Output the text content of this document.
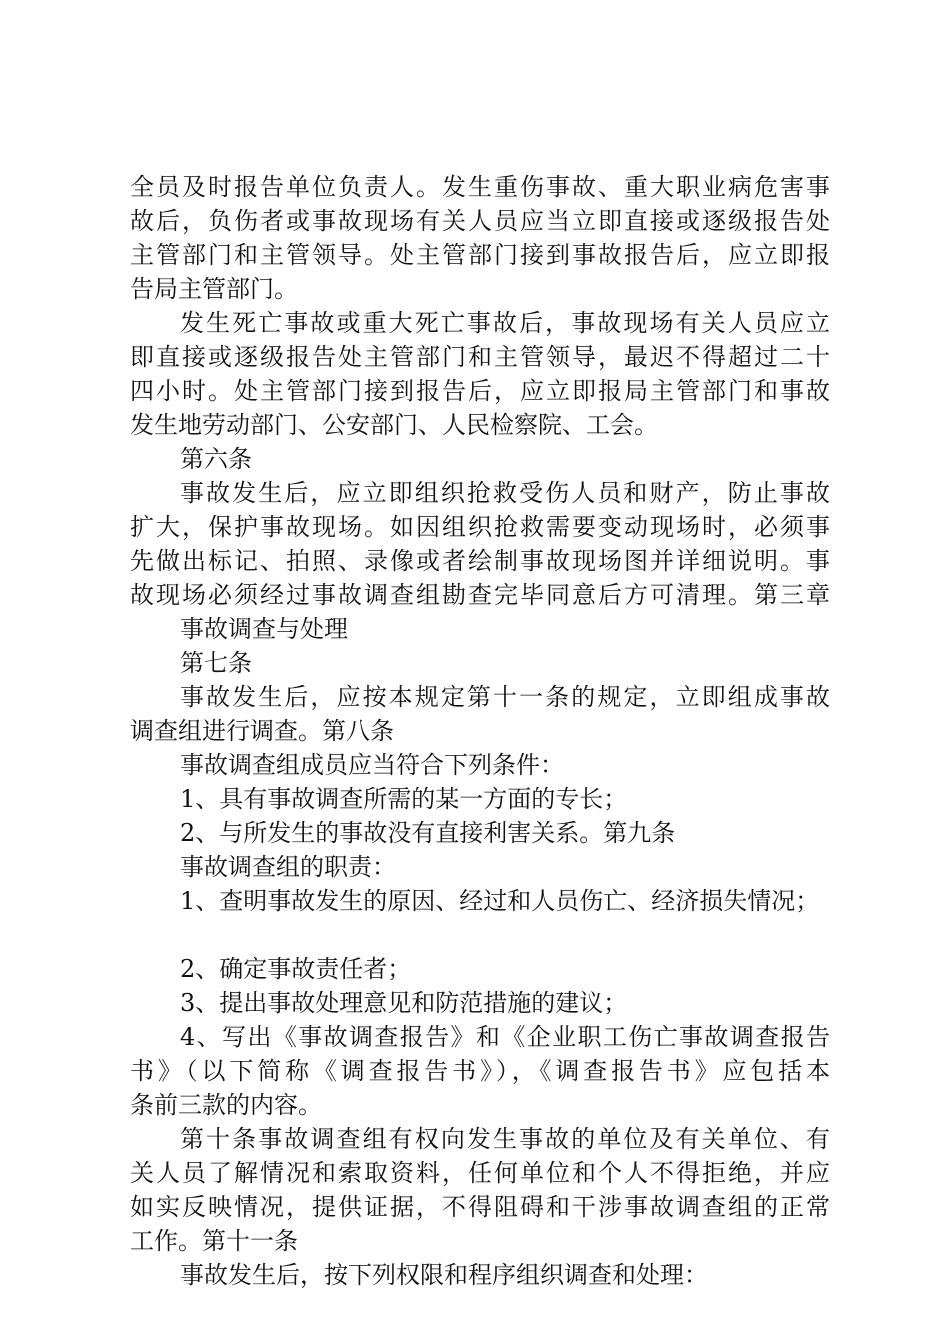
全员及时报告单位负责人。发生重伤事故、重大职业病危害事

故后，负伤者或事故现场有关人员应当立即直接或逐级报告处

主管部门和主管领导。处主管部门接到事故报告后，应立即报

告局主管部门。

发生死亡事故或重大死亡事故后，事故现场有关人员应立

即直接或逐级报告处主管部门和主管领导，最迟不得超过二十

四小时。处主管部门接到报告后，应立即报局主管部门和事故

发生地劳动部门、公安部门、人民检察院、工会。

第六条

事故发生后，应立即组织抢救受伤人员和财产，防止事故

扩大，保护事故现场。如因组织抢救需要变动现场时，必须事

先做出标记、拍照、录像或者绘制事故现场图并详细说明。事

故现场必须经过事故调查组勘查完毕同意后方可清理。第三章

事故调查与处理

第七条

事故发生后，应按本规定第十一条的规定，立即组成事故

调查组进行调查。第八条

事故调查组成员应当符合下列条件：

1、具有事故调查所需的某一方面的专长；

2、与所发生的事故没有直接利害关系。第九条

事故调查组的职责：

1、查明事故发生的原因、经过和人员伤亡、经济损失情况；

2、确定事故责任者；

3、提出事故处理意见和防范措施的建议；

4、写出《事故调查报告》和《企业职工伤亡事故调查报告

书》（以下简称《调查报告书》），《调查报告书》应包括本

条前三款的内容。

第十条事故调查组有权向发生事故的单位及有关单位、有

关人员了解情况和索取资料，任何单位和个人不得拒绝，并应

如实反映情况，提供证据，不得阻碍和干涉事故调查组的正常

工作。第十一条

事故发生后，按下列权限和程序组织调查和处理：
